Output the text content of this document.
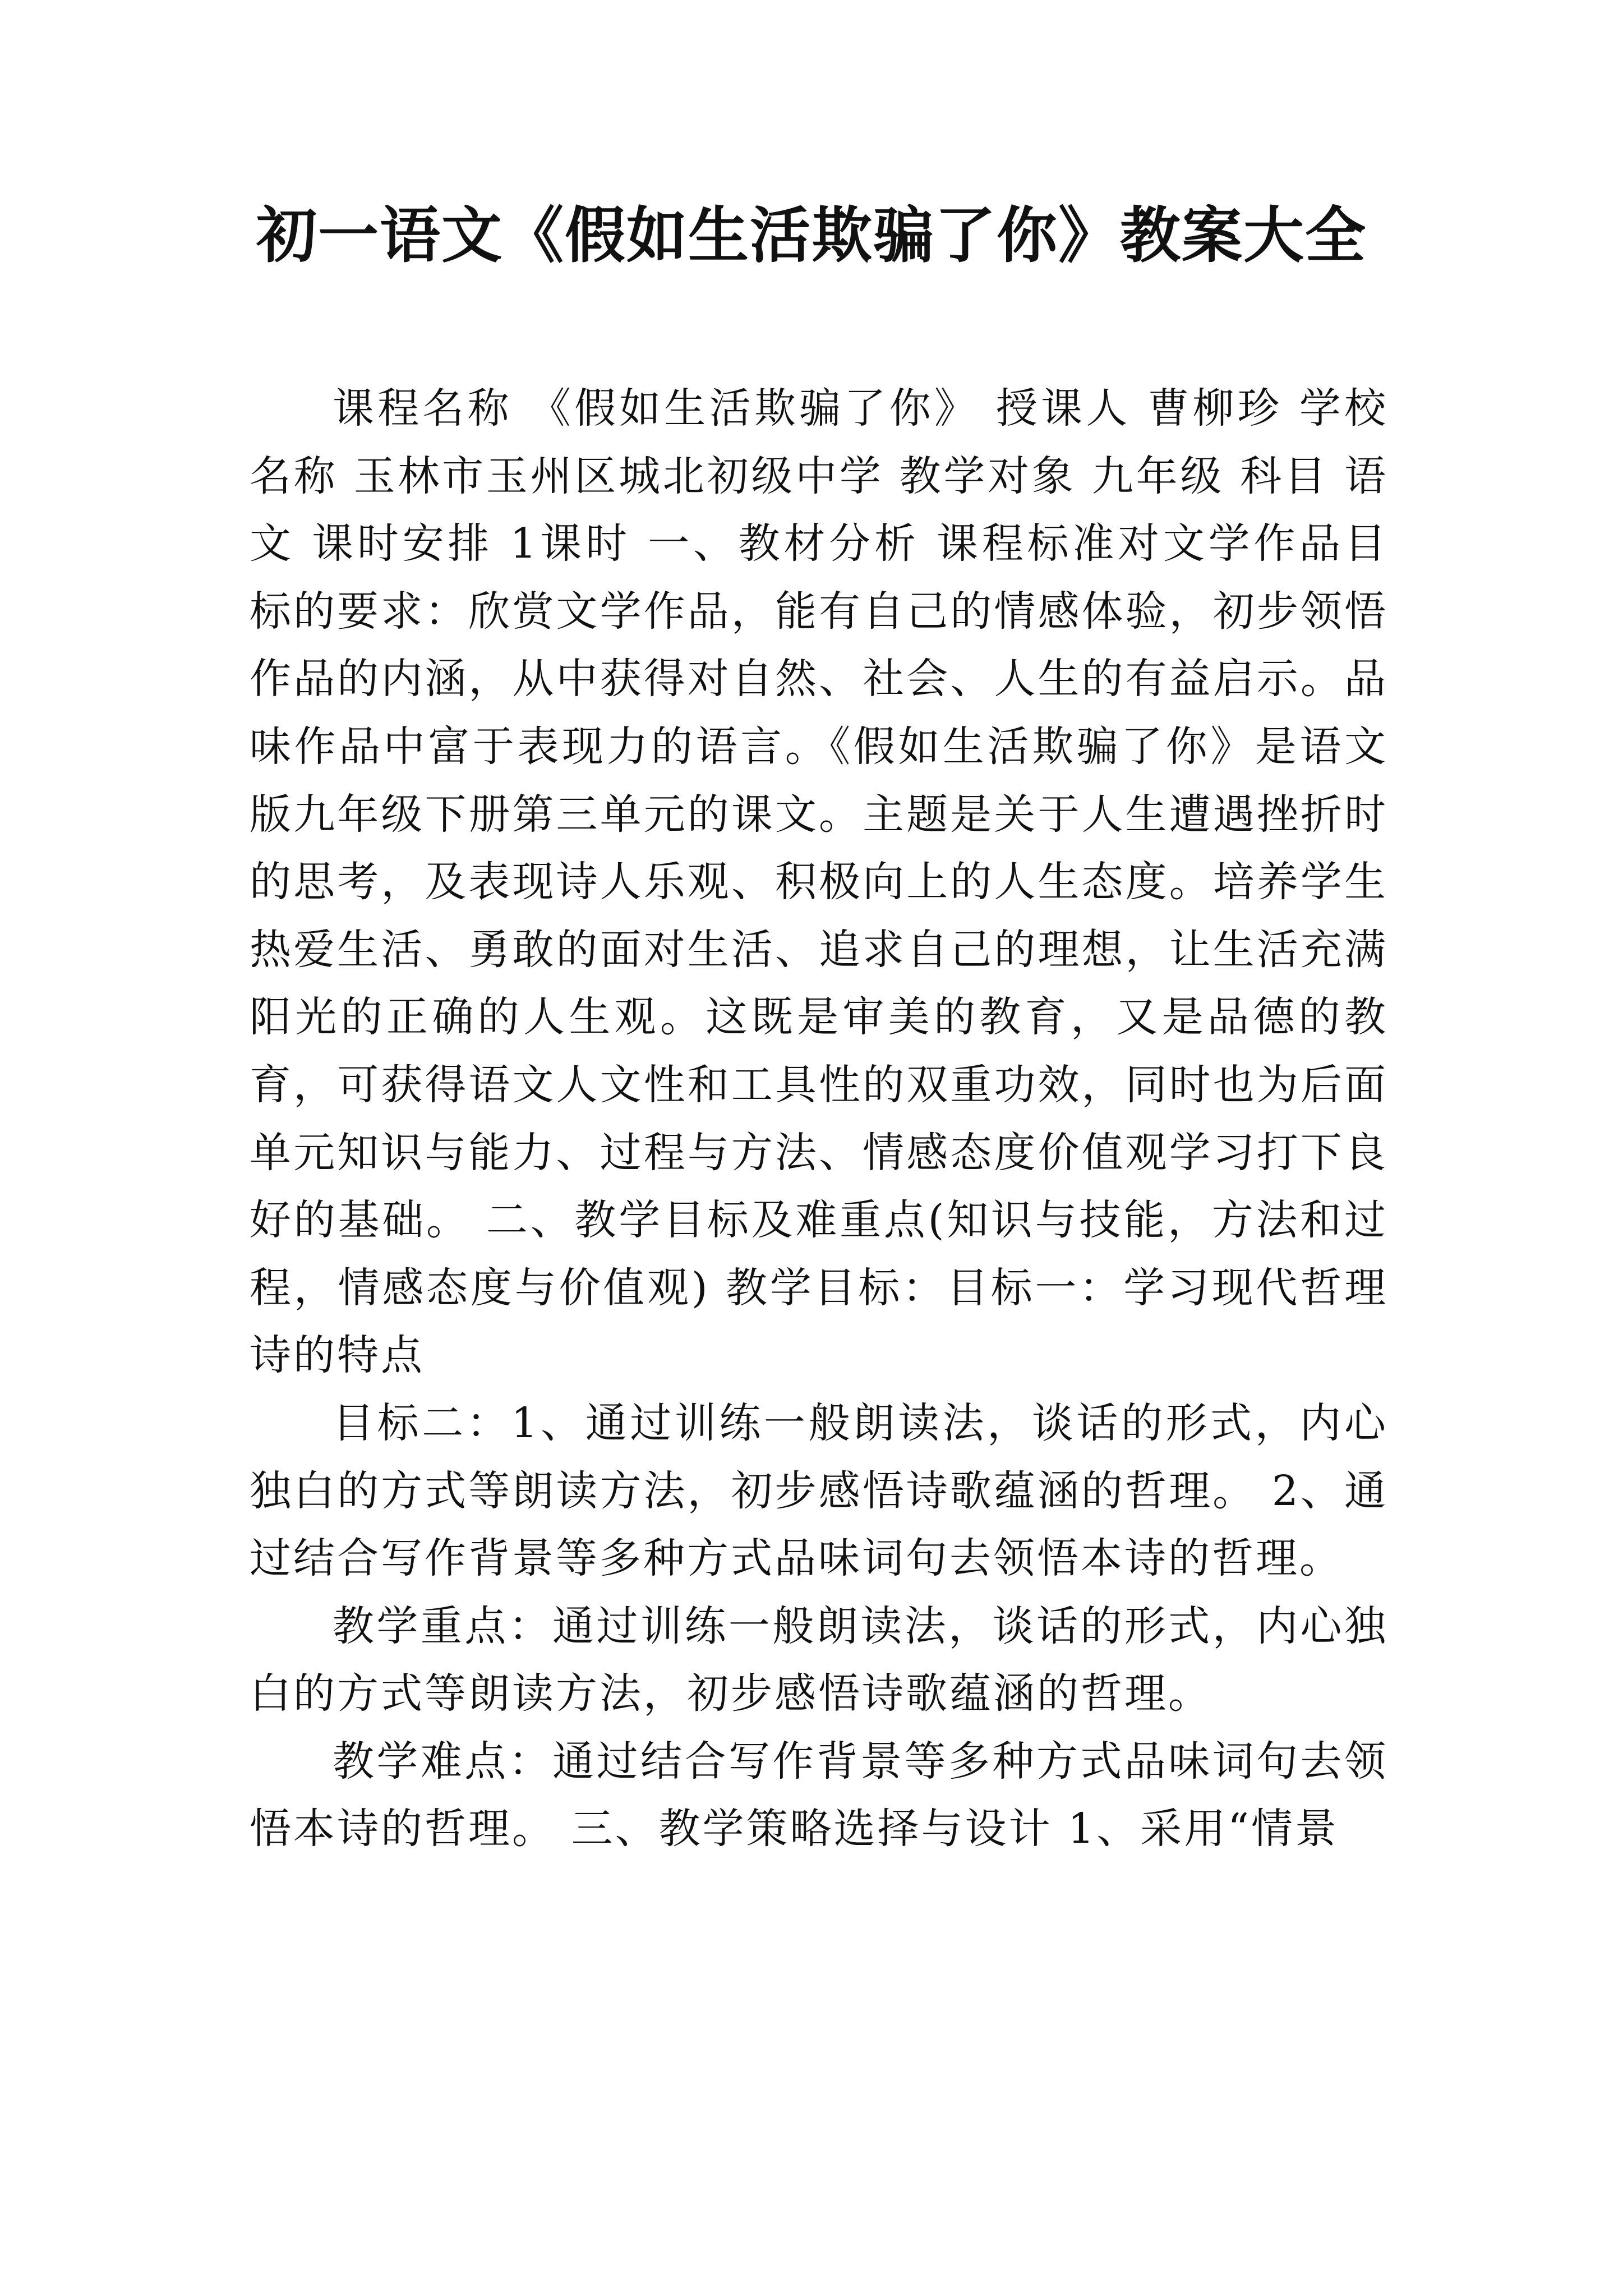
初一语文《假如生活欺骗了你》教案大全

课程名称 《假如生活欺骗了你》 授课人 曹柳珍 学校名称 玉林市玉州区城北初级中学 教学对象 九年级 科目 语文 课时安排 1课时 一、教材分析 课程标准对文学作品目标的要求：欣赏文学作品，能有自己的情感体验，初步领悟作品的内涵，从中获得对自然、社会、人生的有益启示。品味作品中富于表现力的语言。《假如生活欺骗了你》是语文版九年级下册第三单元的课文。主题是关于人生遭遇挫折时的思考，及表现诗人乐观、积极向上的人生态度。培养学生热爱生活、勇敢的面对生活、追求自己的理想，让生活充满阳光的正确的人生观。这既是审美的教育，又是品德的教育，可获得语文人文性和工具性的双重功效，同时也为后面单元知识与能力、过程与方法、情感态度价值观学习打下良好的基础。 二、教学目标及难重点(知识与技能，方法和过程，情感态度与价值观) 教学目标：目标一：学习现代哲理诗的特点

目标二：1、通过训练一般朗读法，谈话的形式，内心独白的方式等朗读方法，初步感悟诗歌蕴涵的哲理。 2、通过结合写作背景等多种方式品味词句去领悟本诗的哲理。

教学重点：通过训练一般朗读法，谈话的形式，内心独白的方式等朗读方法，初步感悟诗歌蕴涵的哲理。

教学难点：通过结合写作背景等多种方式品味词句去领悟本诗的哲理。 三、教学策略选择与设计 1、采用“情景
